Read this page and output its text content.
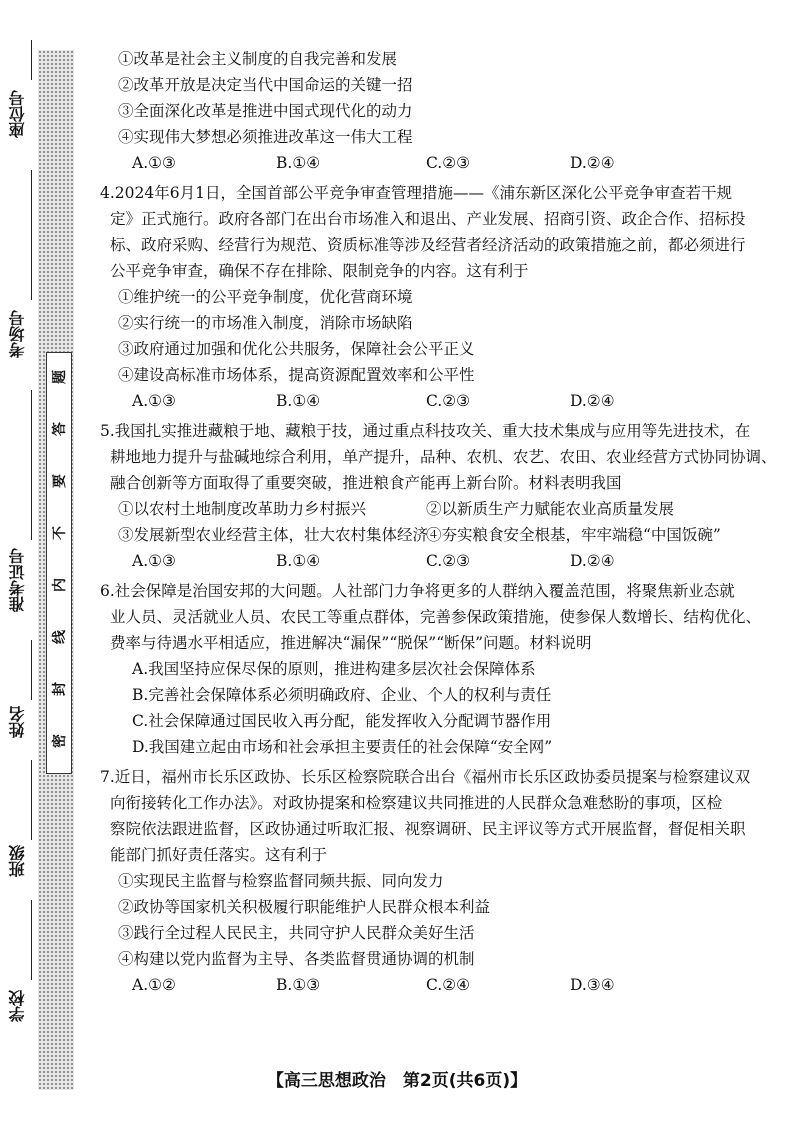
座位号
考场号
准考证号
姓名
班级
学校
题
答
要
不
内
线
封
密
①改革是社会主义制度的自我完善和发展
②改革开放是决定当代中国命运的关键一招
③全面深化改革是推进中国式现代化的动力
④实现伟大梦想必须推进改革这一伟大工程
A.①③	B.①④	C.②③	D.②④
4.2024年6月1日，全国首部公平竞争审查管理措施——《浦东新区深化公平竞争审查若干规
定》正式施行。政府各部门在出台市场准入和退出、产业发展、招商引资、政企合作、招标投
标、政府采购、经营行为规范、资质标准等涉及经营者经济活动的政策措施之前，都必须进行
公平竞争审查，确保不存在排除、限制竞争的内容。这有利于
①维护统一的公平竞争制度，优化营商环境
②实行统一的市场准入制度，消除市场缺陷
③政府通过加强和优化公共服务，保障社会公平正义
④建设高标准市场体系，提高资源配置效率和公平性
A.①③	B.①④	C.②③	D.②④
5.我国扎实推进藏粮于地、藏粮于技，通过重点科技攻关、重大技术集成与应用等先进技术，在
耕地地力提升与盐碱地综合利用，单产提升，品种、农机、农艺、农田、农业经营方式协同协调、
融合创新等方面取得了重要突破，推进粮食产能再上新台阶。材料表明我国
①以农村土地制度改革助力乡村振兴	②以新质生产力赋能农业高质量发展
③发展新型农业经营主体，壮大农村集体经济
④夯实粮食安全根基，牢牢端稳“中国饭碗”
A.①③	B.①④	C.②③	D.②④
6.社会保障是治国安邦的大问题。人社部门力争将更多的人群纳入覆盖范围，将聚焦新业态就
业人员、灵活就业人员、农民工等重点群体，完善参保政策措施，使参保人数增长、结构优化、
费率与待遇水平相适应，推进解决“漏保”“脱保”“断保”问题。材料说明
A.我国坚持应保尽保的原则，推进构建多层次社会保障体系
B.完善社会保障体系必须明确政府、企业、个人的权利与责任
C.社会保障通过国民收入再分配，能发挥收入分配调节器作用
D.我国建立起由市场和社会承担主要责任的社会保障“安全网”
7.近日，福州市长乐区政协、长乐区检察院联合出台《福州市长乐区政协委员提案与检察建议双
向衔接转化工作办法》。对政协提案和检察建议共同推进的人民群众急难愁盼的事项，区检
察院依法跟进监督，区政协通过听取汇报、视察调研、民主评议等方式开展监督，督促相关职
能部门抓好责任落实。这有利于
①实现民主监督与检察监督同频共振、同向发力
②政协等国家机关积极履行职能维护人民群众根本利益
③践行全过程人民民主，共同守护人民群众美好生活
④构建以党内监督为主导、各类监督贯通协调的机制
A.①②	B.①③	C.②④	D.③④
【高三思想政治　第2页(共6页)】
